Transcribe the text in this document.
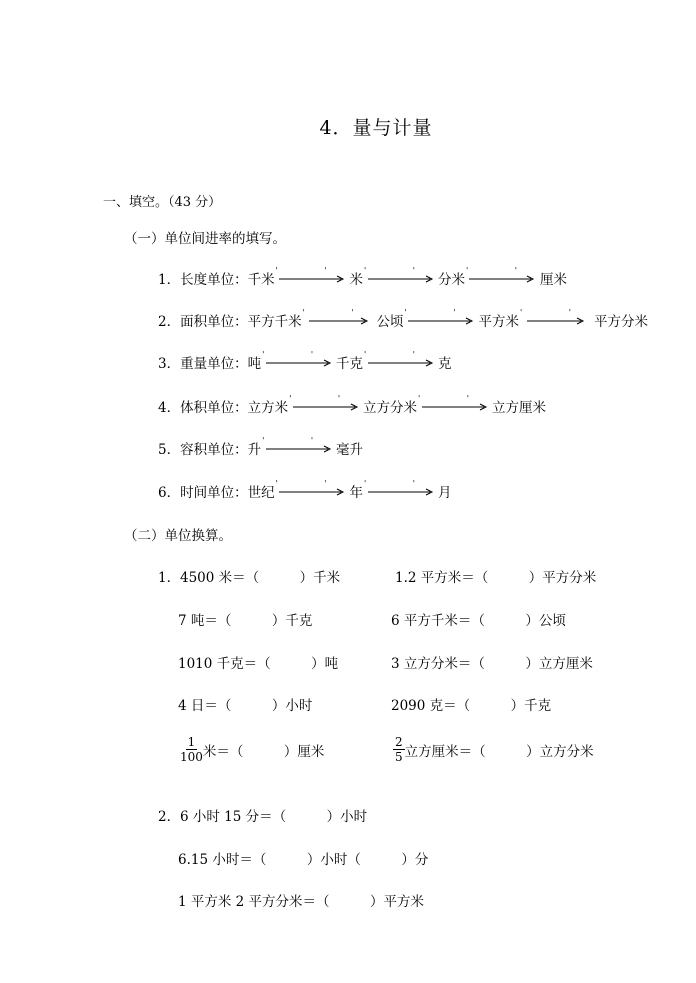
4．量与计量
一、填空。（43 分）
（一）单位间进率的填写。
1． 长度单位： 千米
' '
米
' '
分米
' '
厘米
2． 面积单位： 平方千米
' '
公顷
' '
平方米
' '
平方分米
3． 重量单位： 吨
' '
千克
' '
克
4． 体积单位： 立方米
' '
立方分米
' '
立方厘米
5． 容积单位： 升
' '
毫升
6． 时间单位： 世纪
' '
年
' '
月
（二）单位换算。
1． 4500 米＝（　　　）千米	1.2 平方米＝（　　　）平方分米
7 吨＝（　　　）千克	6 平方千米＝（　　　）公顷
1010 千克＝（　　　）吨	3 立方分米＝（　　　）立方厘米
4 日＝（　　　）小时	2090 克＝（　　　）千克
$\frac{1}{100}$ 米＝（　　　）厘米	$\frac{2}{5}$ 立方厘米＝（　　　）立方分米
2． 6 小时 15 分＝（　　　）小时
6.15 小时＝（　　　）小时（　　　）分
1 平方米 2 平方分米＝（　　　）平方米
